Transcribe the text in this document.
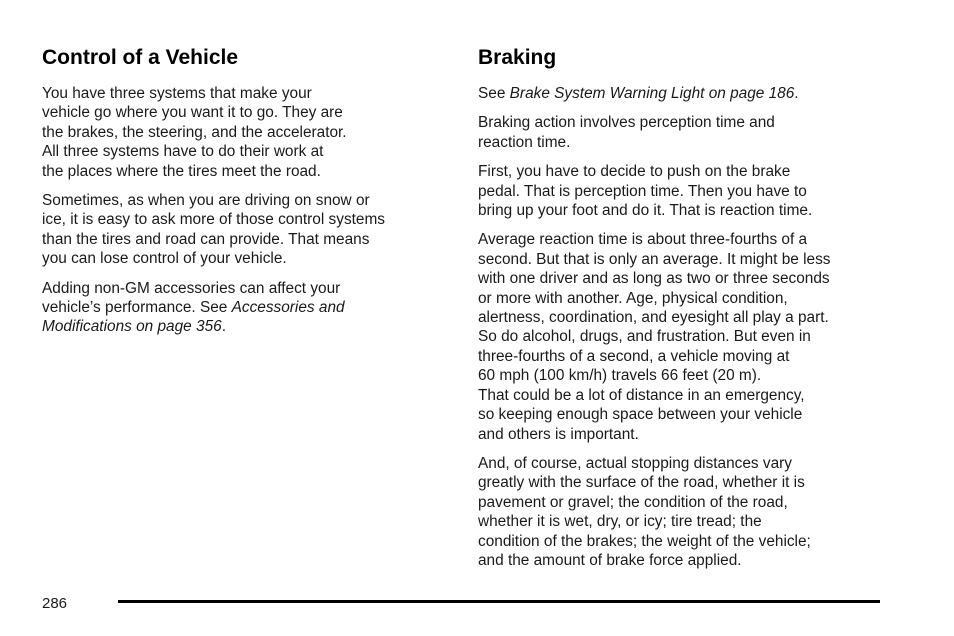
Control of a Vehicle

You have three systems that make your
vehicle go where you want it to go. They are
the brakes, the steering, and the accelerator.
All three systems have to do their work at
the places where the tires meet the road.

Sometimes, as when you are driving on snow or
ice, it is easy to ask more of those control systems
than the tires and road can provide. That means
you can lose control of your vehicle.

Adding non-GM accessories can affect your
vehicle’s performance. See Accessories and
Modifications on page 356.

Braking

See Brake System Warning Light on page 186.

Braking action involves perception time and
reaction time.

First, you have to decide to push on the brake
pedal. That is perception time. Then you have to
bring up your foot and do it. That is reaction time.

Average reaction time is about three-fourths of a
second. But that is only an average. It might be less
with one driver and as long as two or three seconds
or more with another. Age, physical condition,
alertness, coordination, and eyesight all play a part.
So do alcohol, drugs, and frustration. But even in
three-fourths of a second, a vehicle moving at
60 mph (100 km/h) travels 66 feet (20 m).
That could be a lot of distance in an emergency,
so keeping enough space between your vehicle
and others is important.

And, of course, actual stopping distances vary
greatly with the surface of the road, whether it is
pavement or gravel; the condition of the road,
whether it is wet, dry, or icy; tire tread; the
condition of the brakes; the weight of the vehicle;
and the amount of brake force applied.

286
